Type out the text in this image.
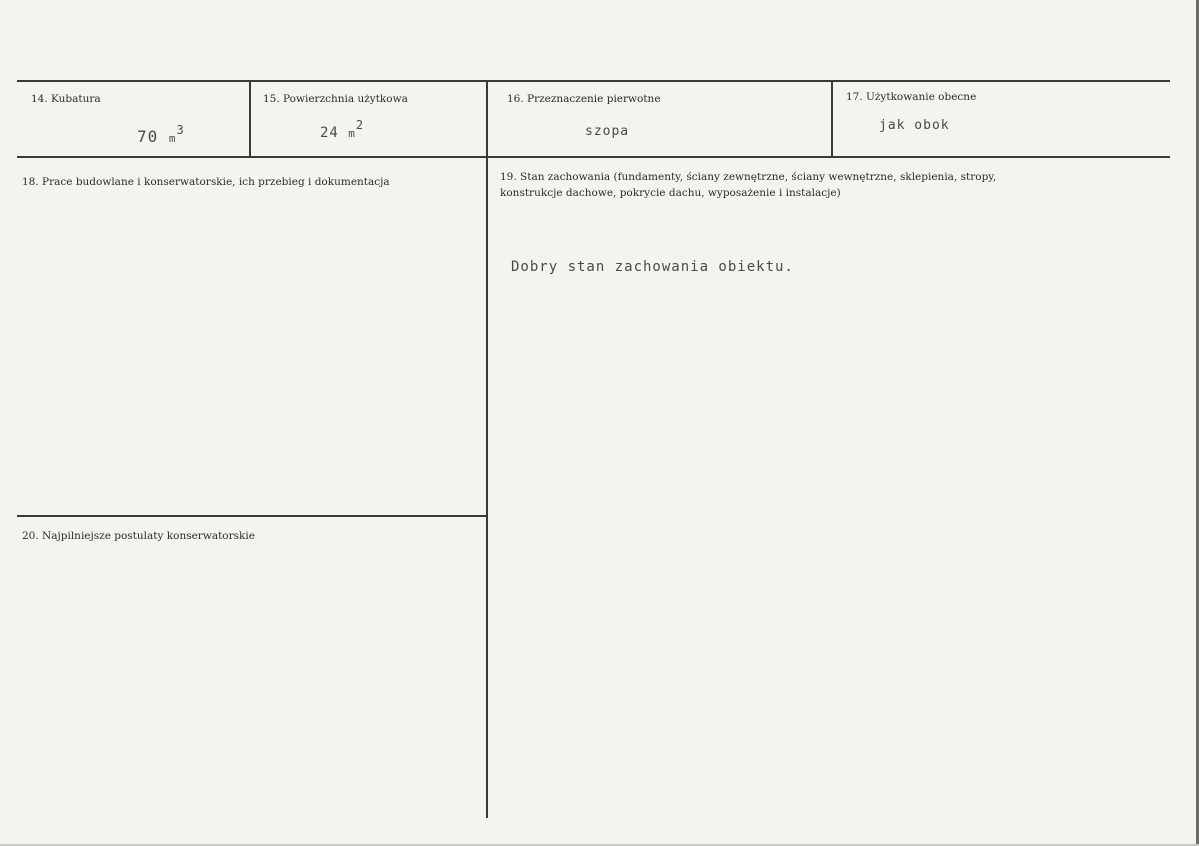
14. Kubatura
70 $m^3$
15. Powierzchnia użytkowa
24 m2
16. Przeznaczenie pierwotne
szopa
17. Użytkowanie obecne
jak obok
18. Prace budowlane i konserwatorskie, ich przebieg i dokumentacja	19. Stan zachowania (fundamenty, ściany zewnętrzne, ściany wewnętrzne, sklepienia, stropy,
konstrukcje dachowe, pokrycie dachu, wyposażenie i instalacje)
Dobry stan zachowania obiektu.
20. Najpilniejsze postulaty konserwatorskie
